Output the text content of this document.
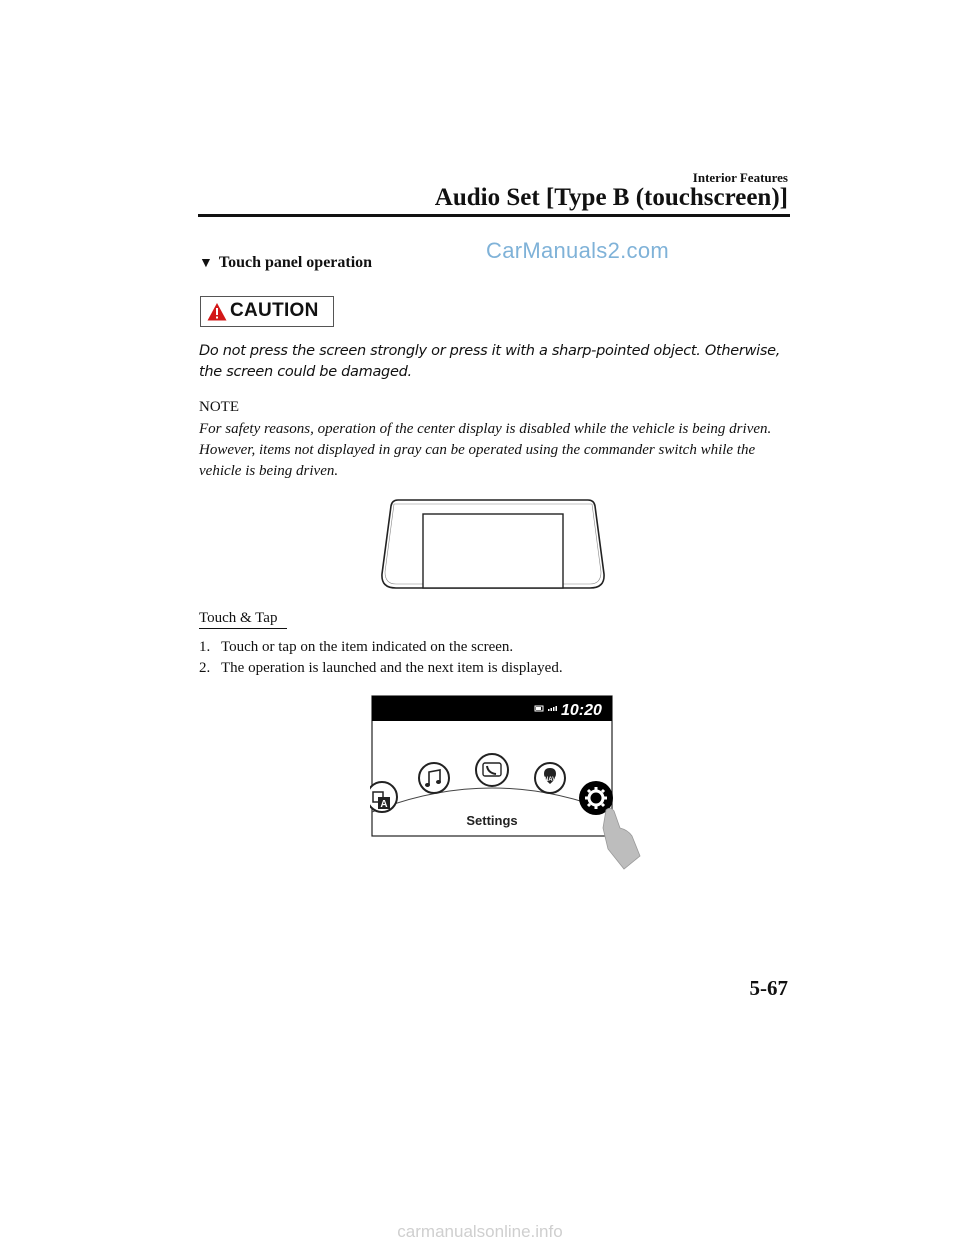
Interior Features
Audio Set [Type B (touchscreen)]
▼ Touch panel operation	CarManuals2.com
CAUTION
Do not press the screen strongly or press it with a sharp-pointed object. Otherwise, the screen could be damaged.
NOTE
For safety reasons, operation of the center display is disabled while the vehicle is being driven. However, items not displayed in gray can be operated using the commander switch while the vehicle is being driven.
Touch & Tap
1. Touch or tap on the item indicated on the screen.
2. The operation is launched and the next item is displayed.
10:20
A
NAV
Settings
5-67
carmanualsonline.info
